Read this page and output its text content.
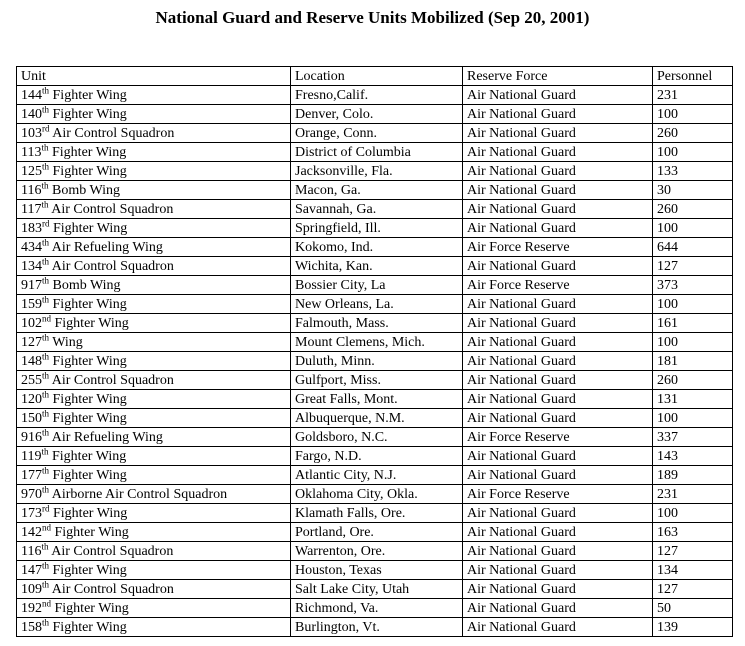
National Guard and Reserve Units Mobilized (Sep 20, 2001)
Unit	Location	Reserve Force	Personnel
144th Fighter Wing	Fresno,Calif.	Air National Guard	231
140th Fighter Wing	Denver, Colo.	Air National Guard	100
103rd Air Control Squadron	Orange, Conn.	Air National Guard	260
113th Fighter Wing	District of Columbia	Air National Guard	100
125th Fighter Wing	Jacksonville, Fla.	Air National Guard	133
116th Bomb Wing	Macon, Ga.	Air National Guard	30
117th Air Control Squadron	Savannah, Ga.	Air National Guard	260
183rd Fighter Wing	Springfield, Ill.	Air National Guard	100
434th Air Refueling Wing	Kokomo, Ind.	Air Force Reserve	644
134th Air Control Squadron	Wichita, Kan.	Air National Guard	127
917th Bomb Wing	Bossier City, La	Air Force Reserve	373
159th Fighter Wing	New Orleans, La.	Air National Guard	100
102nd Fighter Wing	Falmouth, Mass.	Air National Guard	161
127th Wing	Mount Clemens, Mich.	Air National Guard	100
148th Fighter Wing	Duluth, Minn.	Air National Guard	181
255th Air Control Squadron	Gulfport, Miss.	Air National Guard	260
120th Fighter Wing	Great Falls, Mont.	Air National Guard	131
150th Fighter Wing	Albuquerque, N.M.	Air National Guard	100
916th Air Refueling Wing	Goldsboro, N.C.	Air Force Reserve	337
119th Fighter Wing	Fargo, N.D.	Air National Guard	143
177th Fighter Wing	Atlantic City, N.J.	Air National Guard	189
970th Airborne Air Control Squadron	Oklahoma City, Okla.	Air Force Reserve	231
173rd Fighter Wing	Klamath Falls, Ore.	Air National Guard	100
142nd Fighter Wing	Portland, Ore.	Air National Guard	163
116th Air Control Squadron	Warrenton, Ore.	Air National Guard	127
147th Fighter Wing	Houston, Texas	Air National Guard	134
109th Air Control Squadron	Salt Lake City, Utah	Air National Guard	127
192nd Fighter Wing	Richmond, Va.	Air National Guard	50
158th Fighter Wing	Burlington, Vt.	Air National Guard	139
